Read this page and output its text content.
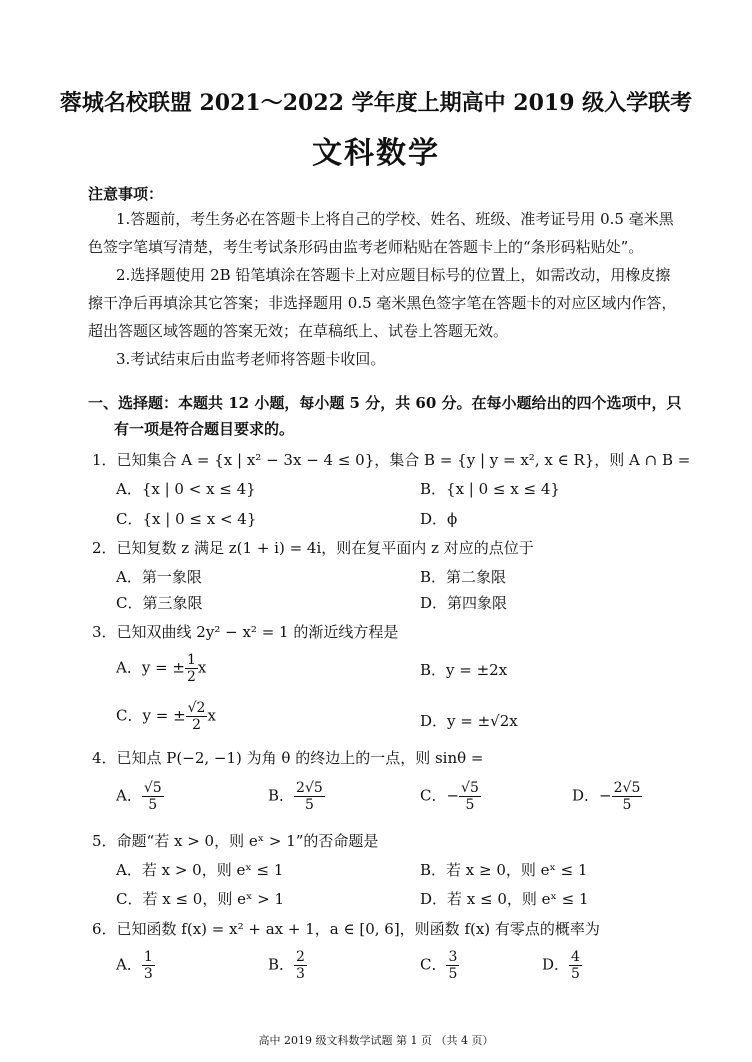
蓉城名校联盟 2021～2022 学年度上期高中 2019 级入学联考
文科数学
注意事项：
1.答题前，考生务必在答题卡上将自己的学校、姓名、班级、准考证号用 0.5 毫米黑
色签字笔填写清楚，考生考试条形码由监考老师粘贴在答题卡上的“条形码粘贴处”。
2.选择题使用 2B 铅笔填涂在答题卡上对应题目标号的位置上，如需改动，用橡皮擦
擦干净后再填涂其它答案；非选择题用 0.5 毫米黑色签字笔在答题卡的对应区域内作答，
超出答题区域答题的答案无效；在草稿纸上、试卷上答题无效。
3.考试结束后由监考老师将答题卡收回。
一、选择题：本题共 12 小题，每小题 5 分，共 60 分。在每小题给出的四个选项中，只
有一项是符合题目要求的。
1．已知集合 A = {x | x² − 3x − 4 ≤ 0}，集合 B = {y | y = x², x ∈ R}，则 A ∩ B =
A．{x | 0 < x ≤ 4}	B．{x | 0 ≤ x ≤ 4}
C．{x | 0 ≤ x < 4}	D．ϕ
2．已知复数 z 满足 z(1 + i) = 4i，则在复平面内 z 对应的点位于
A．第一象限	B．第二象限
C．第三象限	D．第四象限
3．已知双曲线 2y² − x² = 1 的渐近线方程是
A．y = ± $\frac{1}{2}$ x	B．y = ±2x
C．y = ± $\frac{√2}{2}$ x	D．y = ±√2x
4．已知点 P(−2, −1) 为角 θ 的终边上的一点，则 sinθ =
A． $\frac{√5}{5}$	B． $\frac{2√5}{5}$	C．− $\frac{√5}{5}$	D．− $\frac{2√5}{5}$
5．命题“若 x > 0，则 eˣ > 1”的否命题是
A．若 x > 0，则 eˣ ≤ 1	B．若 x ≥ 0，则 eˣ ≤ 1
C．若 x ≤ 0，则 eˣ > 1	D．若 x ≤ 0，则 eˣ ≤ 1
6．已知函数 f(x) = x² + ax + 1，a ∈ [0, 6]，则函数 f(x) 有零点的概率为
A． $\frac{1}{3}$	B． $\frac{2}{3}$	C． $\frac{3}{5}$	D． $\frac{4}{5}$
高中 2019 级文科数学试题 第 1 页 （共 4 页）
